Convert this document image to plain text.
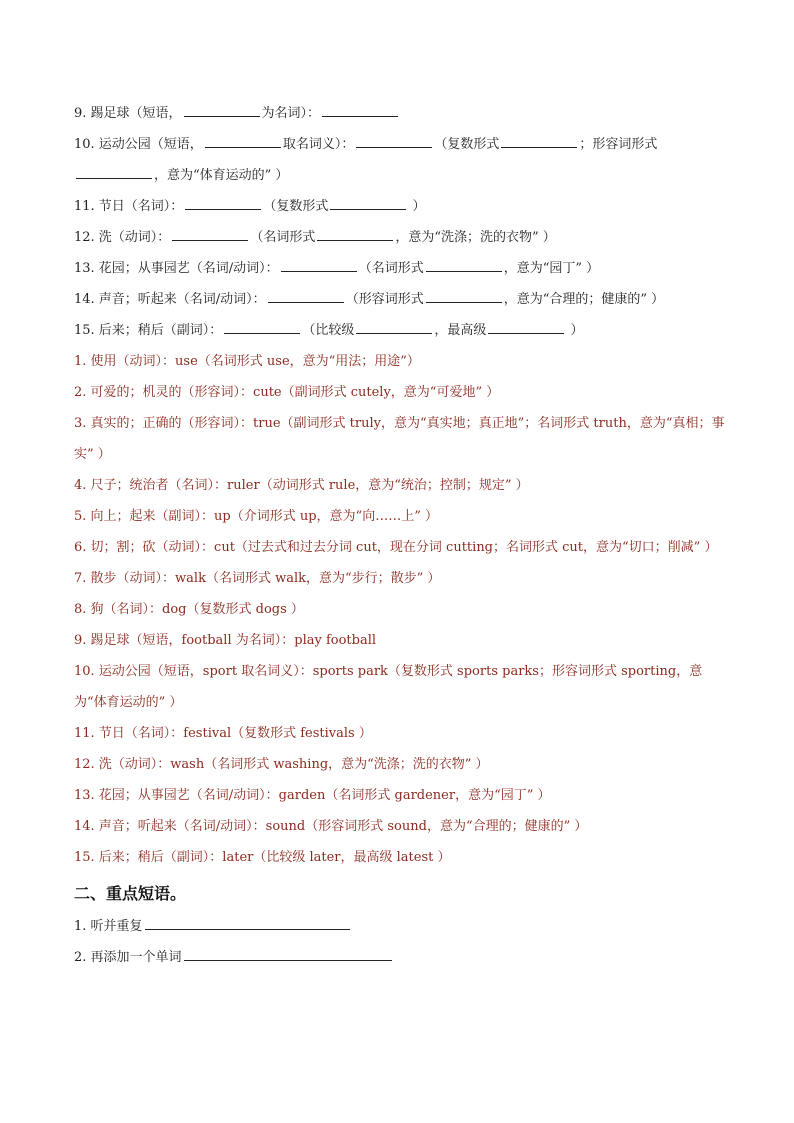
9. 踢足球（短语，	为名词）：
10. 运动公园（短语，	取名词义）：	（复数形式	；形容词形式
，意为“体育运动的” ）
11. 节日（名词）：	（复数形式	）
12. 洗（动词）：	（名词形式	，意为“洗涤；洗的衣物” ）
13. 花园；从事园艺（名词/动词）：	（名词形式	，意为“园丁” ）
14. 声音；听起来（名词/动词）：	（形容词形式	，意为“合理的；健康的” ）
15. 后来；稍后（副词）：	（比较级	，最高级	）
1. 使用（动词）：use（名词形式 use，意为“用法；用途”）
2. 可爱的；机灵的（形容词）：cute（副词形式 cutely，意为“可爱地” ）
3. 真实的；正确的（形容词）：true（副词形式 truly，意为“真实地；真正地”；名词形式 truth，意为“真相；事实” ）
4. 尺子；统治者（名词）：ruler（动词形式 rule，意为“统治；控制；规定” ）
5. 向上；起来（副词）：up（介词形式 up，意为“向……上” ）
6. 切；割；砍（动词）：cut（过去式和过去分词 cut，现在分词 cutting；名词形式 cut，意为“切口；削减” ）
7. 散步（动词）：walk（名词形式 walk，意为“步行；散步” ）
8. 狗（名词）：dog（复数形式 dogs ）
9. 踢足球（短语，football 为名词）：play football
10. 运动公园（短语，sport 取名词义）：sports park（复数形式 sports parks；形容词形式 sporting，意为“体育运动的” ）
11. 节日（名词）：festival（复数形式 festivals ）
12. 洗（动词）：wash（名词形式 washing，意为“洗涤；洗的衣物” ）
13. 花园；从事园艺（名词/动词）：garden（名词形式 gardener，意为“园丁” ）
14. 声音；听起来（名词/动词）：sound（形容词形式 sound，意为“合理的；健康的” ）
15. 后来；稍后（副词）：later（比较级 later，最高级 latest ）
二、重点短语。
1. 听并重复
2. 再添加一个单词
